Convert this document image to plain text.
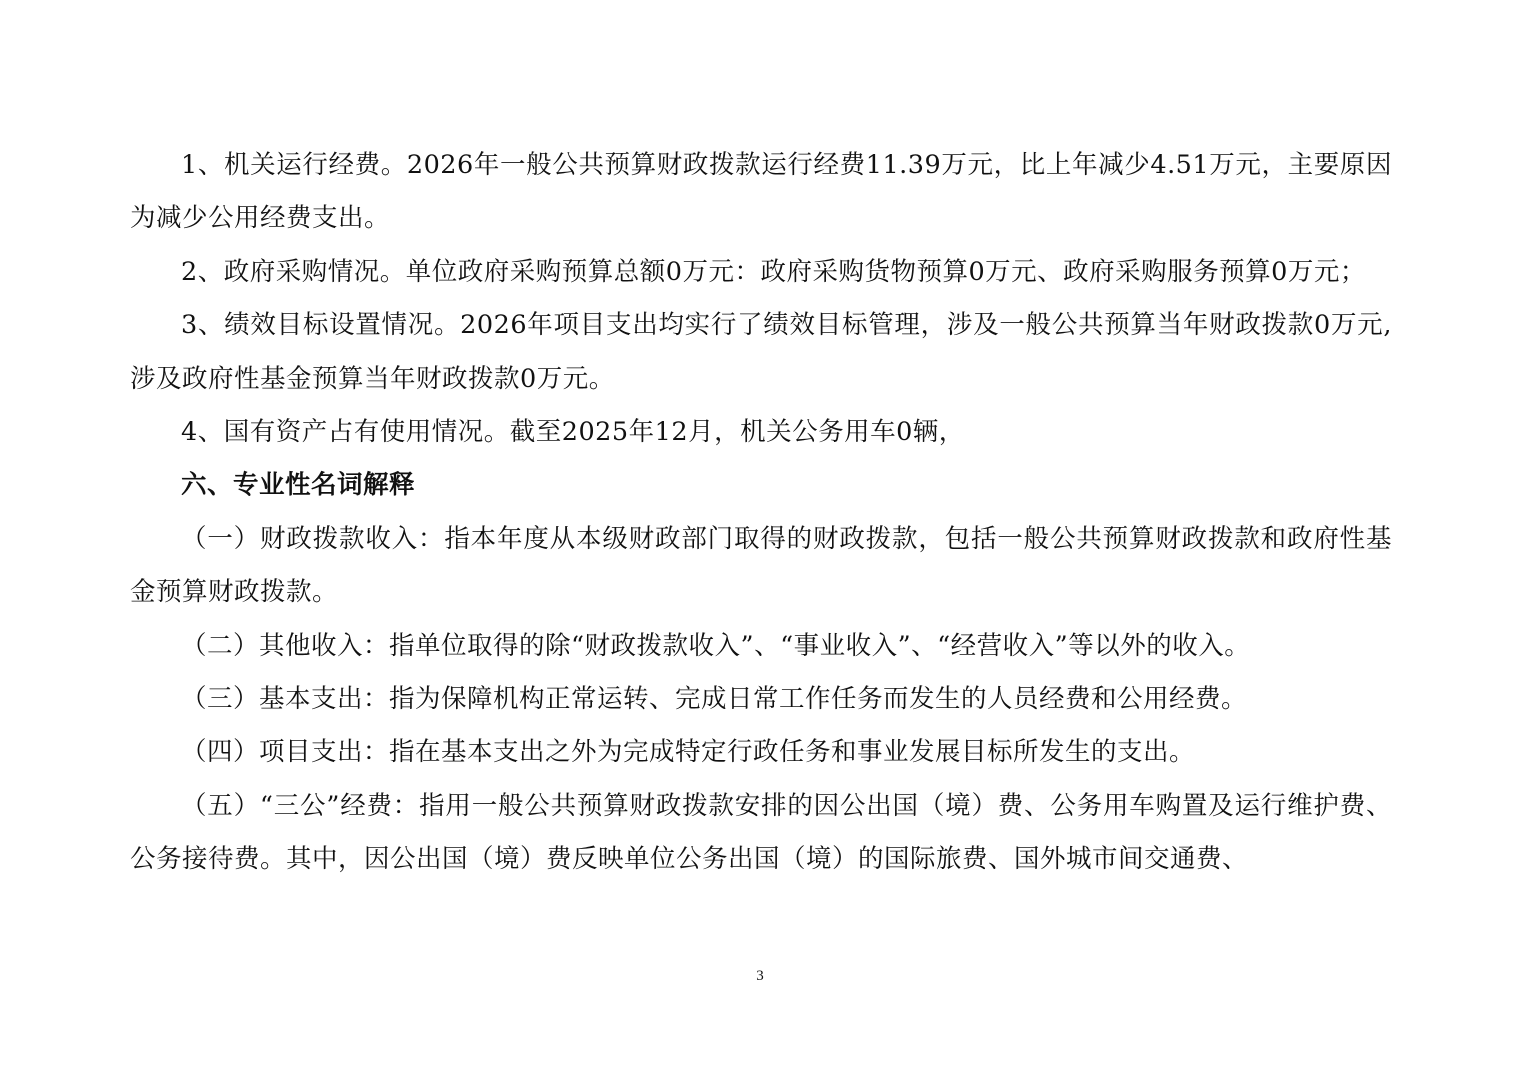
1、机关运行经费。2026年一般公共预算财政拨款运行经费11.39万元，比上年减少4.51万元，主要原因为减少公用经费支出。

2、政府采购情况。单位政府采购预算总额0万元：政府采购货物预算0万元、政府采购服务预算0万元；

3、绩效目标设置情况。2026年项目支出均实行了绩效目标管理，涉及一般公共预算当年财政拨款0万元,涉及政府性基金预算当年财政拨款0万元。

4、国有资产占有使用情况。截至2025年12月，机关公务用车0辆，

六、专业性名词解释

（一）财政拨款收入：指本年度从本级财政部门取得的财政拨款，包括一般公共预算财政拨款和政府性基金预算财政拨款。

（二）其他收入：指单位取得的除“财政拨款收入”、“事业收入”、“经营收入”等以外的收入。

（三）基本支出：指为保障机构正常运转、完成日常工作任务而发生的人员经费和公用经费。

（四）项目支出：指在基本支出之外为完成特定行政任务和事业发展目标所发生的支出。

（五）“三公”经费：指用一般公共预算财政拨款安排的因公出国（境）费、公务用车购置及运行维护费、公务接待费。其中，因公出国（境）费反映单位公务出国（境）的国际旅费、国外城市间交通费、

3
